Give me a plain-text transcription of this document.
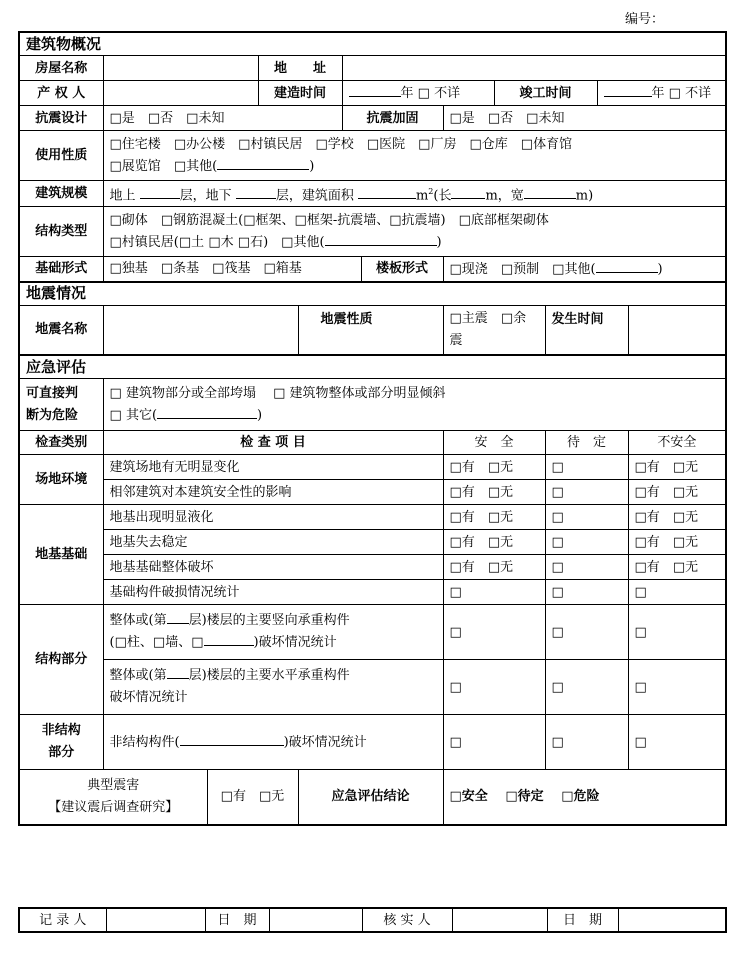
编号：
建筑物概况											
房屋名称			地　　址								
产 权 人			建造时间		年 □ 不详			竣工时间		年 □ 不详
抗震设计	□是　 □ 否　 □ 未知				抗震加固	□是　 □ 否　 □ 未知
使用性质	□ 住宅楼　 □ 办公楼　 □ 村镇民居　 □ 学校　 □ 医院　 □ 厂房　 □ 仓库　 □ 体育馆
□ 展览馆　 □ 其他( )
建筑规模	地上 层，地下 层，建筑面积 $m^2$(长 m，宽 m)										
结构类型	□ 砌体　 □ 钢筋混凝土( □ 框架、 □ 框架-抗震墙、 □ 抗震墙)　 □ 底部框架砌体
□ 村镇民居( □ 土 □ 木 □ 石)　 □ 其他( )
基础形式	□独基　 □ 条基　 □ 筏基　 □ 箱基					楼板形式	□现浇　 □ 预制　 □ 其他( )
地震情况											
地震名称				地震性质	□主震　 □ 余
震		发生时间		
应急评估											
可直接判
断为危险	□ 建筑物部分或全部垮塌　 □ 建筑物整体或部分明显倾斜
□ 其它( )
检查类别	检 查 项 目						安　全		待　定		不安全
场地环境	建筑场地有无明显变化	□有　 □ 无	□	□有　 □ 无
	相邻建筑对本建筑安全性的影响	□有　 □ 无	□	□有　 □ 无
地基基础	地基出现明显液化	□有　 □ 无	□	□有　 □ 无
	地基失去稳定	□有　 □ 无	□	□有　 □ 无
	地基基础整体破坏	□有　 □ 无	□	□有　 □ 无
	基础构件破损情况统计	□	□	□
结构部分	整体或(第 层)楼层的主要竖向承重构件
( □ 柱、 □ 墙、 □ )破坏情况统计	□	□	□
	整体或(第 层)楼层的主要水平承重构件
破坏情况统计	□	□	□
非结构
部分	非结构构件( )破坏情况统计	□	□	□
典型震害
【建议震后调查研究】	□ 有　 □ 无		应急评估结论	□安全　 □ 待定　 □ 危险
记 录 人		日　期		核 实 人		日　期	
